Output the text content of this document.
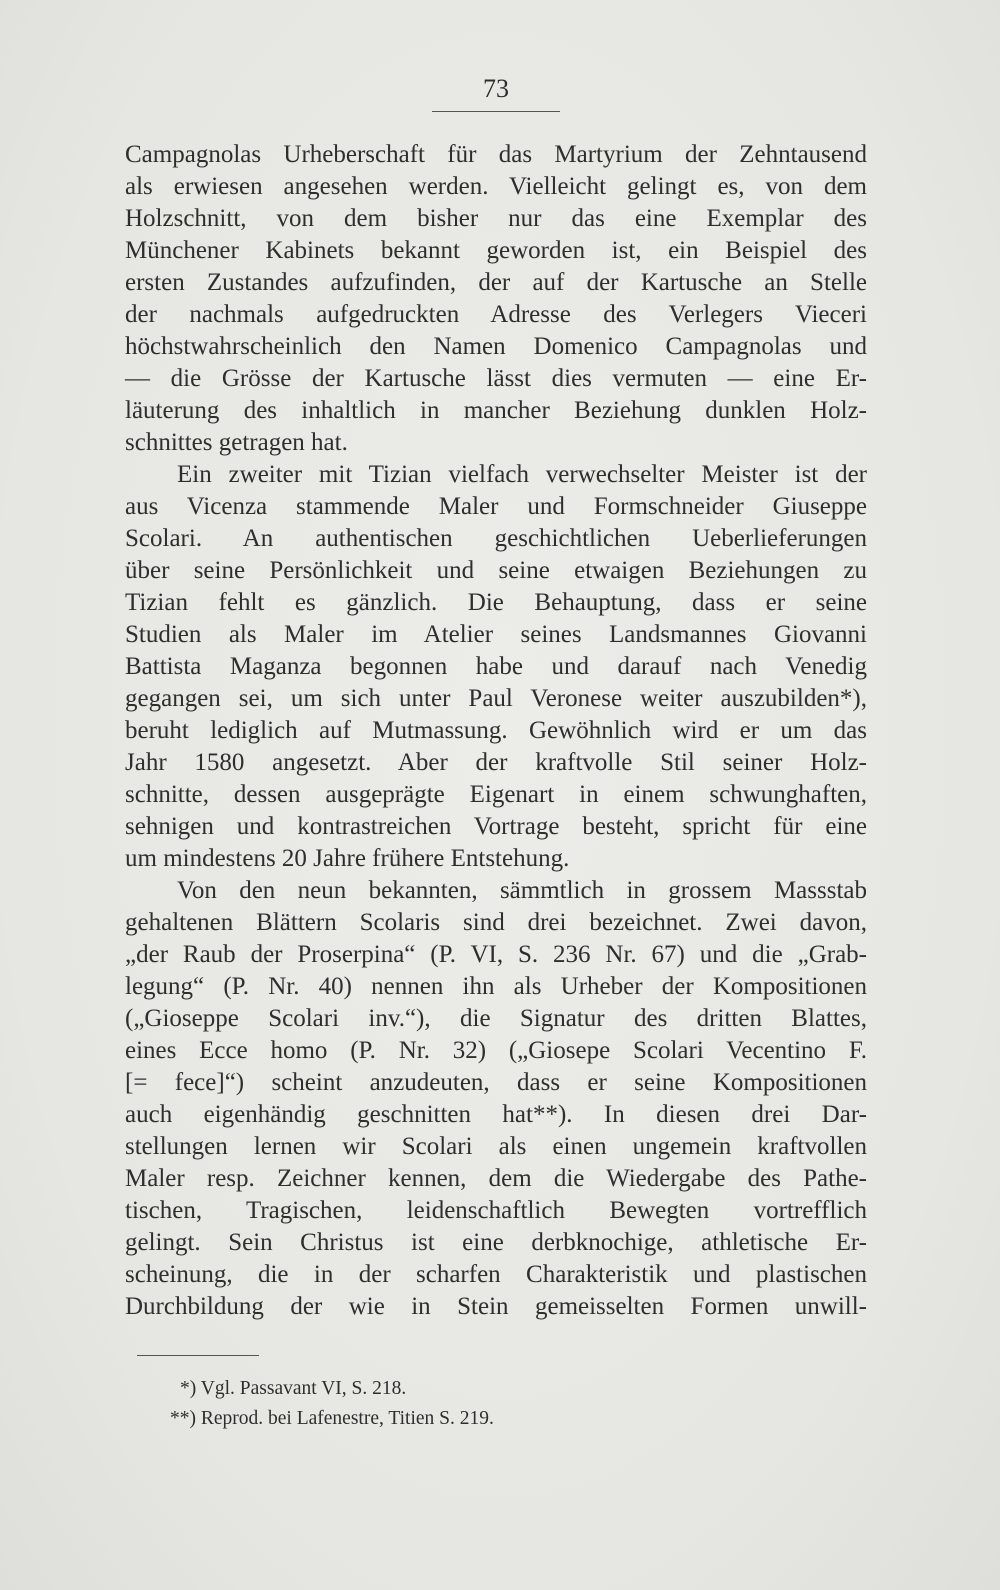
73
Campagnolas Urheberschaft für das Martyrium der Zehntausend
als erwiesen angesehen werden. Vielleicht gelingt es, von dem
Holzschnitt, von dem bisher nur das eine Exemplar des
Münchener Kabinets bekannt geworden ist, ein Beispiel des
ersten Zustandes aufzufinden, der auf der Kartusche an Stelle
der nachmals aufgedruckten Adresse des Verlegers Vieceri
höchstwahrscheinlich den Namen Domenico Campagnolas und
— die Grösse der Kartusche lässt dies vermuten — eine Er-
läuterung des inhaltlich in mancher Beziehung dunklen Holz-
schnittes getragen hat.
Ein zweiter mit Tizian vielfach verwechselter Meister ist der
aus Vicenza stammende Maler und Formschneider Giuseppe
Scolari. An authentischen geschichtlichen Ueberlieferungen
über seine Persönlichkeit und seine etwaigen Beziehungen zu
Tizian fehlt es gänzlich. Die Behauptung, dass er seine
Studien als Maler im Atelier seines Landsmannes Giovanni
Battista Maganza begonnen habe und darauf nach Venedig
gegangen sei, um sich unter Paul Veronese weiter auszubilden*),
beruht lediglich auf Mutmassung. Gewöhnlich wird er um das
Jahr 1580 angesetzt. Aber der kraftvolle Stil seiner Holz-
schnitte, dessen ausgeprägte Eigenart in einem schwunghaften,
sehnigen und kontrastreichen Vortrage besteht, spricht für eine
um mindestens 20 Jahre frühere Entstehung.
Von den neun bekannten, sämmtlich in grossem Massstab
gehaltenen Blättern Scolaris sind drei bezeichnet. Zwei davon,
„der Raub der Proserpina“ (P. VI, S. 236 Nr. 67) und die „Grab-
legung“ (P. Nr. 40) nennen ihn als Urheber der Kompositionen
(„Gioseppe Scolari inv.“), die Signatur des dritten Blattes,
eines Ecce homo (P. Nr. 32) („Giosepe Scolari Vecentino F.
[= fece]“) scheint anzudeuten, dass er seine Kompositionen
auch eigenhändig geschnitten hat**). In diesen drei Dar-
stellungen lernen wir Scolari als einen ungemein kraftvollen
Maler resp. Zeichner kennen, dem die Wiedergabe des Pathe-
tischen, Tragischen, leidenschaftlich Bewegten vortrefflich
gelingt. Sein Christus ist eine derbknochige, athletische Er-
scheinung, die in der scharfen Charakteristik und plastischen
Durchbildung der wie in Stein gemeisselten Formen unwill-
*) Vgl. Passavant VI, S. 218.
**) Reprod. bei Lafenestre, Titien S. 219.
